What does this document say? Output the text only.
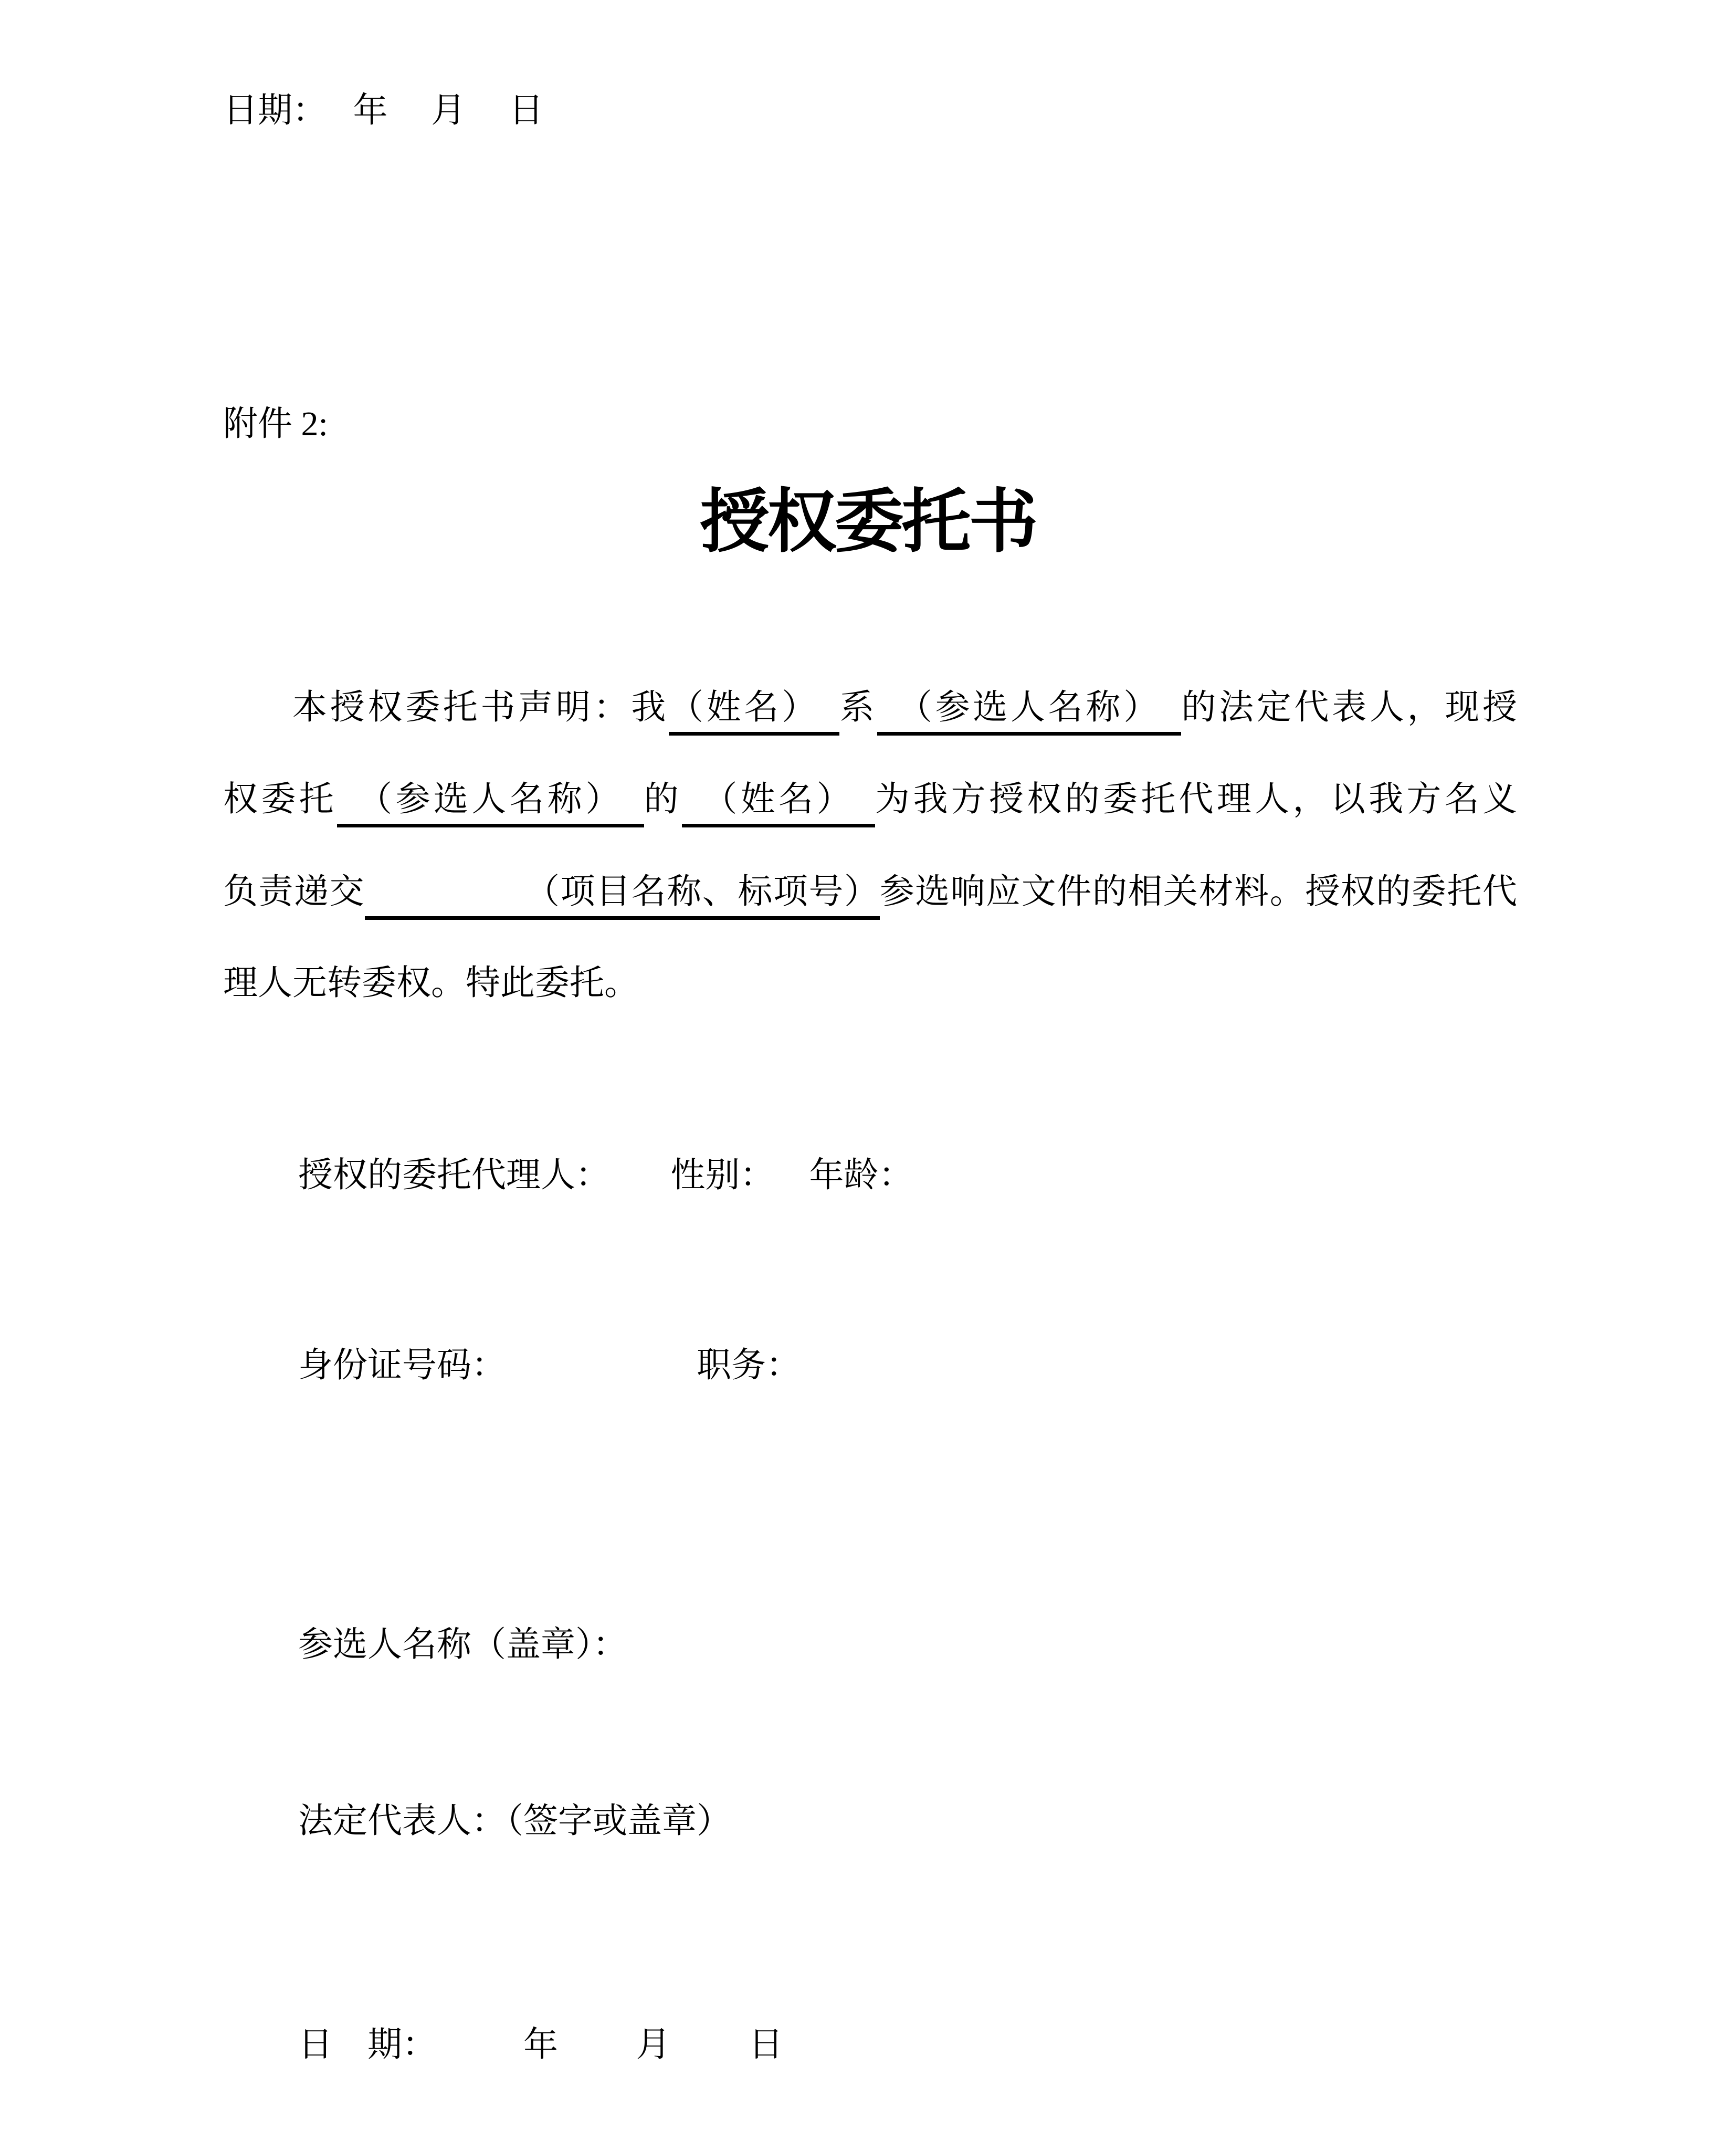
日期：　 年　 月　 日
附件 2:
授权委托书
本授权委托书声明：我（姓名）　系　（参选人名称）　的法定代表人，现授
权委托　（参选人名称）　的　（姓名）　为我方授权的委托代理人，以我方名义
负责递交　　　　　（项目名称、标项号）参选响应文件的相关材料。授权的委托代
理人无转委权。特此委托。
授权的委托代理人：　　 性别：　  年龄：
身份证号码：　　　　　　职务：
参选人名称（盖章）：
法定代表人：（签字或盖章）
日　期：　　　年　　 月　　 日
